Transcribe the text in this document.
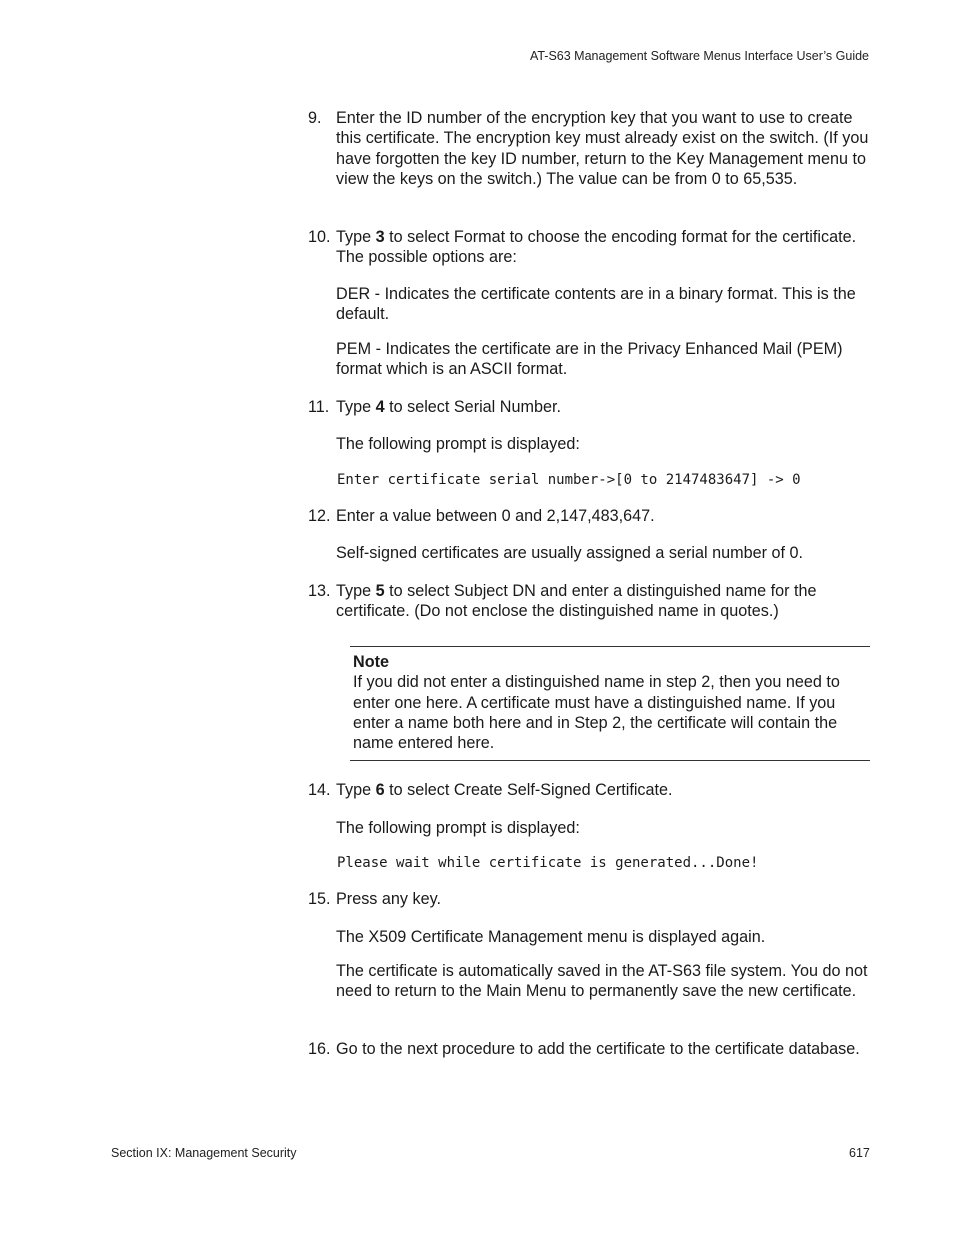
AT-S63 Management Software Menus Interface User’s Guide
9. Enter the ID number of the encryption key that you want to use to create this certificate. The encryption key must already exist on the switch. (If you have forgotten the key ID number, return to the Key Management menu to view the keys on the switch.) The value can be from 0 to 65,535.
10. Type 3 to select Format to choose the encoding format for the certificate. The possible options are:
DER - Indicates the certificate contents are in a binary format. This is the default.
PEM - Indicates the certificate are in the Privacy Enhanced Mail (PEM) format which is an ASCII format.
11. Type 4 to select Serial Number.
The following prompt is displayed:
Enter certificate serial number->[0 to 2147483647] -> 0
12. Enter a value between 0 and 2,147,483,647.
Self-signed certificates are usually assigned a serial number of 0.
13. Type 5 to select Subject DN and enter a distinguished name for the certificate. (Do not enclose the distinguished name in quotes.)
Note
If you did not enter a distinguished name in step 2, then you need to enter one here. A certificate must have a distinguished name. If you enter a name both here and in Step 2, the certificate will contain the name entered here.
14. Type 6 to select Create Self-Signed Certificate.
The following prompt is displayed:
Please wait while certificate is generated...Done!
15. Press any key.
The X509 Certificate Management menu is displayed again.
The certificate is automatically saved in the AT-S63 file system. You do not need to return to the Main Menu to permanently save the new certificate.
16. Go to the next procedure to add the certificate to the certificate database.
Section IX: Management Security	617
